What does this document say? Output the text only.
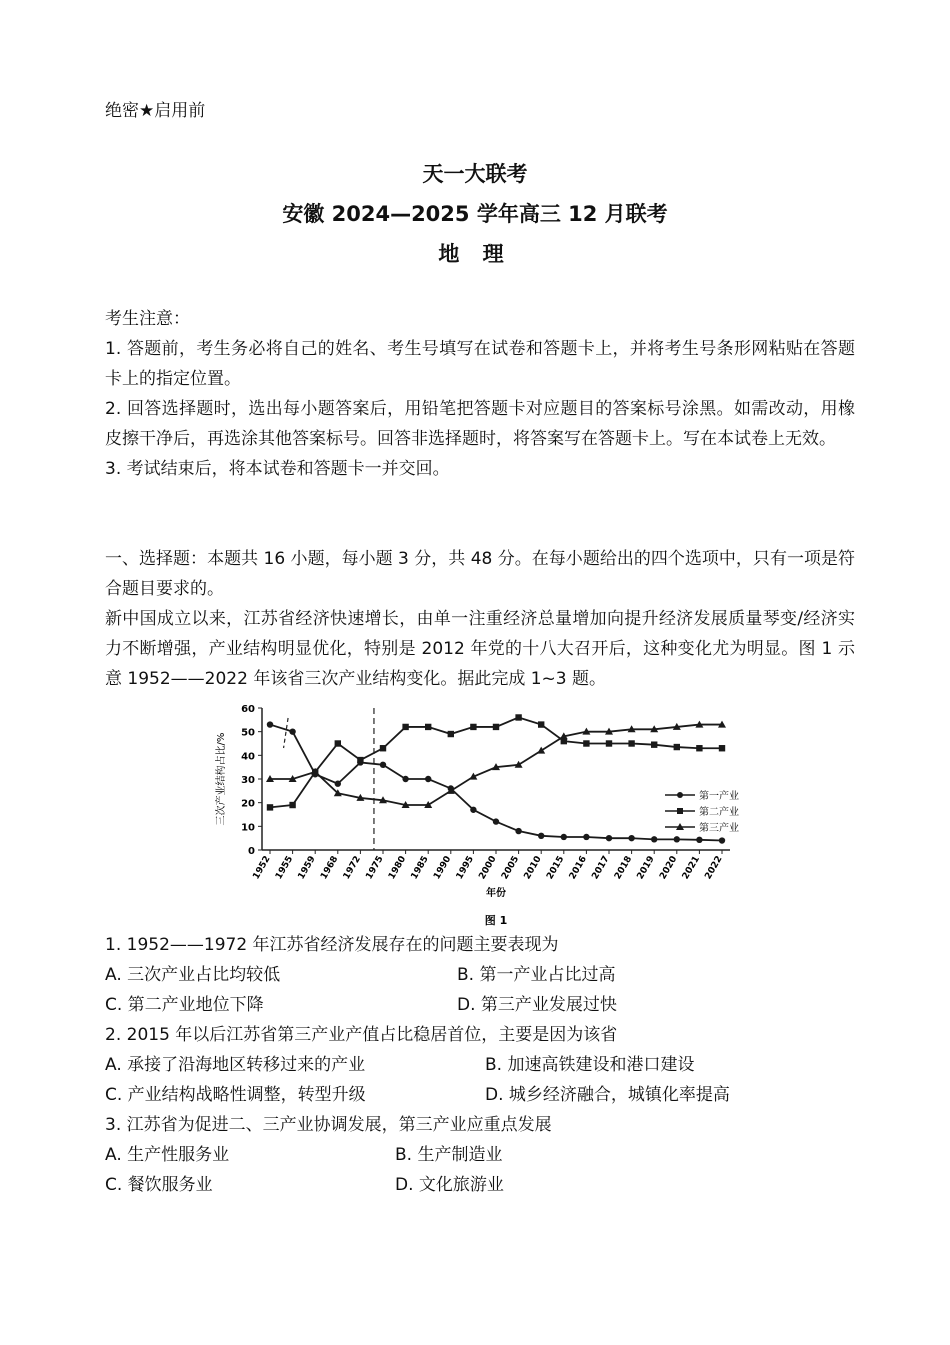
绝密★启用前
天一大联考
安徽 2024—2025 学年高三 12 月联考
地 理
考生注意：

1. 答题前，考生务必将自己的姓名、考生号填写在试卷和答题卡上，并将考生号条形网粘贴在答题卡上的指定位置。

2. 回答选择题时，选出每小题答案后，用铅笔把答题卡对应题目的答案标号涂黑。如需改动，用橡皮擦干净后，再选涂其他答案标号。回答非选择题时，将答案写在答题卡上。写在本试卷上无效。

3. 考试结束后，将本试卷和答题卡一并交回。

一、选择题：本题共 16 小题，每小题 3 分，共 48 分。在每小题给出的四个选项中，只有一项是符合题目要求的。

新中国成立以来，江苏省经济快速增长，由单一注重经济总量增加向提升经济发展质量琴变/经济实力不断增强，产业结构明显优化，特别是 2012 年党的十八大召开后，这种变化尤为明显。图 1 示意 1952——2022 年该省三次产业结构变化。据此完成 1~3 题。

0
10
20
30
40
50
60
1952 1955 1959 1968 1972 1975 1980 1985 1990 1995 2000 2005 2010 2015 2016 2017 2018 2019 2020 2021 2022
三次产业结构占比/%
年份
图 1
第一产业
第二产业
第三产业
1. 1952——1972 年江苏省经济发展存在的问题主要表现为
A. 三次产业占比均较低	B. 第一产业占比过高
C. 第二产业地位下降	D. 第三产业发展过快
2. 2015 年以后江苏省第三产业产值占比稳居首位，主要是因为该省
A. 承接了沿海地区转移过来的产业	B. 加速高铁建设和港口建设
C. 产业结构战略性调整，转型升级	D. 城乡经济融合，城镇化率提高
3. 江苏省为促进二、三产业协调发展，第三产业应重点发展
A. 生产性服务业	B. 生产制造业
C. 餐饮服务业	D. 文化旅游业
